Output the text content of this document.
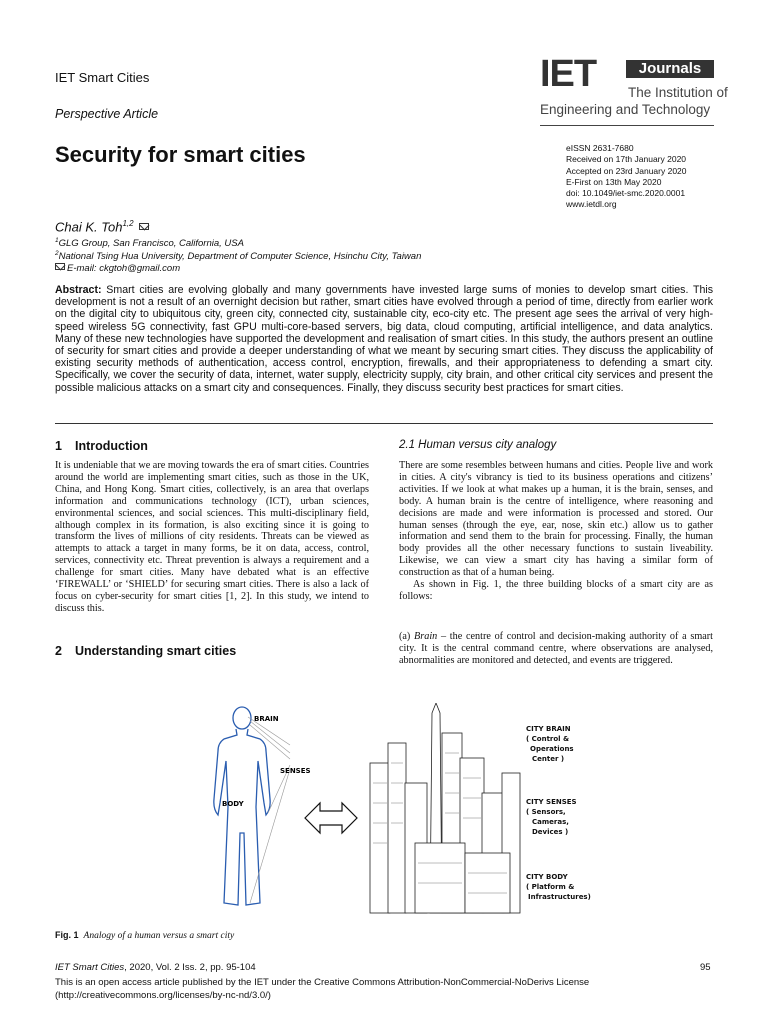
IET Smart Cities
Perspective Article
Security for smart cities
IET	Journals
The Institution of
Engineering and Technology
eISSN 2631-7680
Received on 17th January 2020
Accepted on 23rd January 2020
E-First on 13th May 2020
doi: 10.1049/iet-smc.2020.0001
www.ietdl.org
Chai K. Toh$^{1,2}$
$^1$GLG Group, San Francisco, California, USA
$^2$National Tsing Hua University, Department of Computer Science, Hsinchu City, Taiwan
E-mail: ckgtoh@gmail.com

Abstract: Smart cities are evolving globally and many governments have invested large sums of monies to develop smart cities. This development is not a result of an overnight decision but rather, smart cities have evolved through a period of time, directly from earlier work on the digital city to ubiquitous city, green city, connected city, sustainable city, eco-city etc. The present age sees the arrival of very high-speed wireless 5G connectivity, fast GPU multi-core-based servers, big data, cloud computing, artificial intelligence, and data analytics. Many of these new technologies have supported the development and realisation of smart cities. In this study, the authors present an outline of security for smart cities and provide a deeper understanding of what we meant by securing smart cities. They discuss the applicability of existing security methods of authentication, access control, encryption, firewalls, and their appropriateness to defending a smart city. Specifically, we cover the security of data, internet, water supply, electricity supply, city brain, and other critical city services and present the possible malicious attacks on a smart city and consequences. Finally, they discuss security best practices for smart cities.

1 Introduction

It is undeniable that we are moving towards the era of smart cities. Countries around the world are implementing smart cities, such as those in the UK, China, and Hong Kong. Smart cities, collectively, is an area that overlaps information and communications technology (ICT), urban sciences, environmental sciences, and social sciences. This multi-disciplinary field, although complex in its formation, is also exciting since it is going to transform the lives of millions of city residents. Threats can be viewed as attempts to attack a target in many forms, be it on data, access, control, services, connectivity etc. Threat prevention is always a requirement and a challenge for smart cities. Many have debated what is an effective ‘FIREWALL’ or ‘SHIELD’ for securing smart cities. There is also a lack of focus on cyber-security for smart cities [1, 2]. In this study, we intend to discuss this.

2 Understanding smart cities
2.1 Human versus city analogy

There are some resembles between humans and cities. People live and work in cities. A city's vibrancy is tied to its business operations and citizens’ activities. If we look at what makes up a human, it is the brain, senses, and body. A human brain is the centre of intelligence, where reasoning and decisions are made and were information is processed and stored. Our human senses (through the eye, ear, nose, skin etc.) allow us to gather information and send them to the brain for processing. Finally, the human body provides all the other necessary functions to sustain liveability. Likewise, we can view a smart city has having a similar form of construction as that of a human being.
As shown in Fig. 1, the three building blocks of a smart city are as follows:

(a) Brain – the centre of control and decision-making authority of a smart city. It is the central command centre, where observations are analysed, abnormalities are monitored and detected, and events are triggered.

BRAIN
SENSES
BODY
CITY BRAIN
( Control &
Operations
Center )
CITY SENSES
( Sensors,
Cameras,
Devices )
CITY BODY
( Platform &
Infrastructures)
Fig. 1 Analogy of a human versus a smart city
IET Smart Cities, 2020, Vol. 2 Iss. 2, pp. 95-104	95
This is an open access article published by the IET under the Creative Commons Attribution-NonCommercial-NoDerivs License
(http://creativecommons.org/licenses/by-nc-nd/3.0/)
